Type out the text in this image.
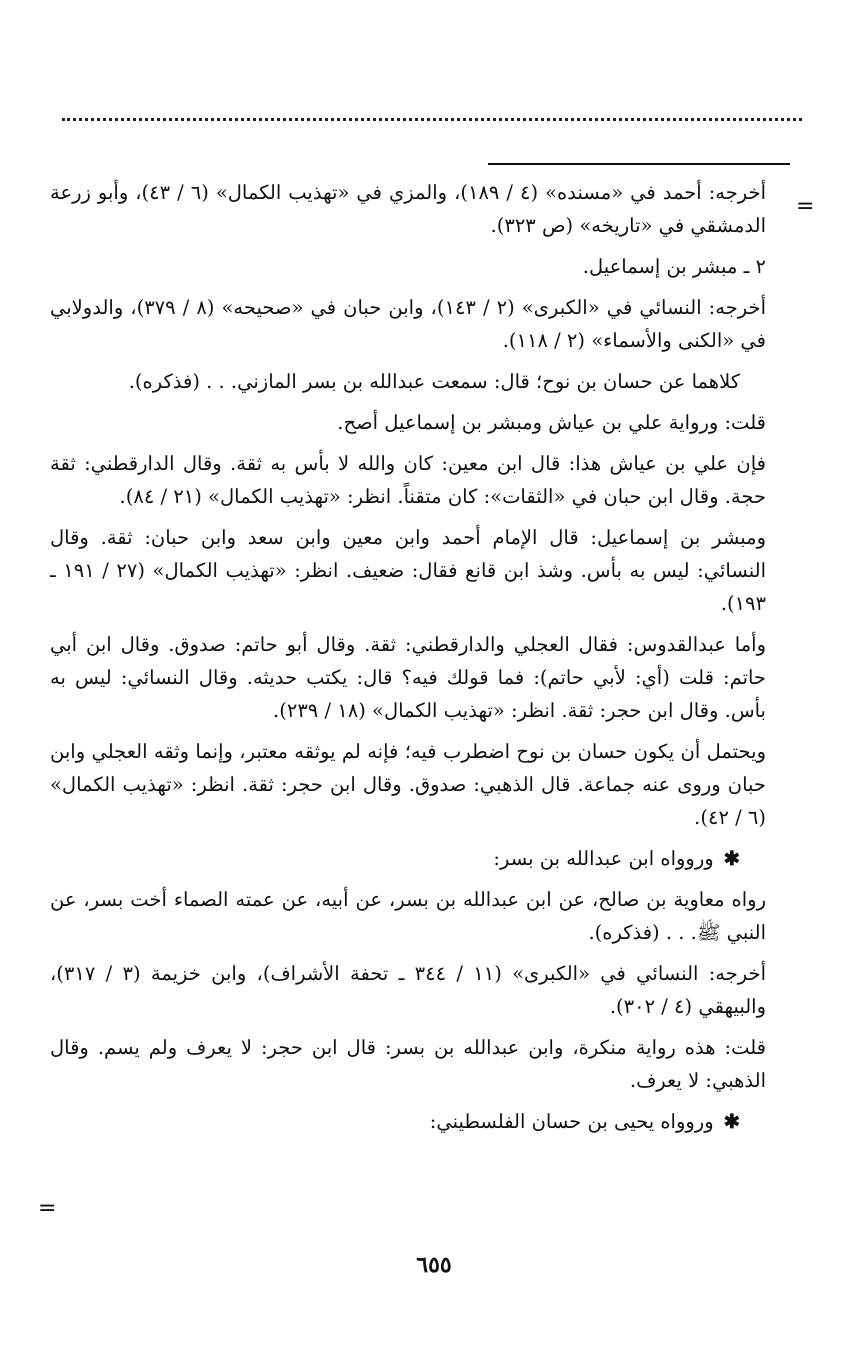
=
=

أخرجه: أحمد في «مسنده» (٤ / ١٨٩)، والمزي في «تهذيب الكمال» (٦ / ٤٣)، وأبو زرعة الدمشقي في «تاريخه» (ص ٣٢٣).

٢ ـ مبشر بن إسماعيل.

أخرجه: النسائي في «الكبرى» (٢ / ١٤٣)، وابن حبان في «صحيحه» (٨ / ٣٧٩)، والدولابي في «الكنى والأسماء» (٢ / ١١٨).

كلاهما عن حسان بن نوح؛ قال: سمعت عبدالله بن بسر المازني. . . (فذكره).

قلت: ورواية علي بن عياش ومبشر بن إسماعيل أصح.

فإن علي بن عياش هذا: قال ابن معين: كان والله لا بأس به ثقة. وقال الدارقطني: ثقة حجة. وقال ابن حبان في «الثقات»: كان متقناً. انظر: «تهذيب الكمال» (٢١ / ٨٤).

ومبشر بن إسماعيل: قال الإمام أحمد وابن معين وابن سعد وابن حبان: ثقة. وقال النسائي: ليس به بأس. وشذ ابن قانع فقال: ضعيف. انظر: «تهذيب الكمال» (٢٧ / ١٩١ ـ ١٩٣).

وأما عبدالقدوس: فقال العجلي والدارقطني: ثقة. وقال أبو حاتم: صدوق. وقال ابن أبي حاتم: قلت (أي: لأبي حاتم): فما قولك فيه؟ قال: يكتب حديثه. وقال النسائي: ليس به بأس. وقال ابن حجر: ثقة. انظر: «تهذيب الكمال» (١٨ / ٢٣٩).

ويحتمل أن يكون حسان بن نوح اضطرب فيه؛ فإنه لم يوثقه معتبر، وإنما وثقه العجلي وابن حبان وروى عنه جماعة. قال الذهبي: صدوق. وقال ابن حجر: ثقة. انظر: «تهذيب الكمال» (٦ / ٤٢).

✱وروواه ابن عبدالله بن بسر:

رواه معاوية بن صالح، عن ابن عبدالله بن بسر، عن أبيه، عن عمته الصماء أخت بسر، عن النبي ﷺ. . . (فذكره).

أخرجه: النسائي في «الكبرى» (١١ / ٣٤٤ ـ تحفة الأشراف)، وابن خزيمة (٣ / ٣١٧)، والبيهقي (٤ / ٣٠٢).

قلت: هذه رواية منكرة، وابن عبدالله بن بسر: قال ابن حجر: لا يعرف ولم يسم. وقال الذهبي: لا يعرف.

✱وروواه يحيى بن حسان الفلسطيني:

٦٥٥
